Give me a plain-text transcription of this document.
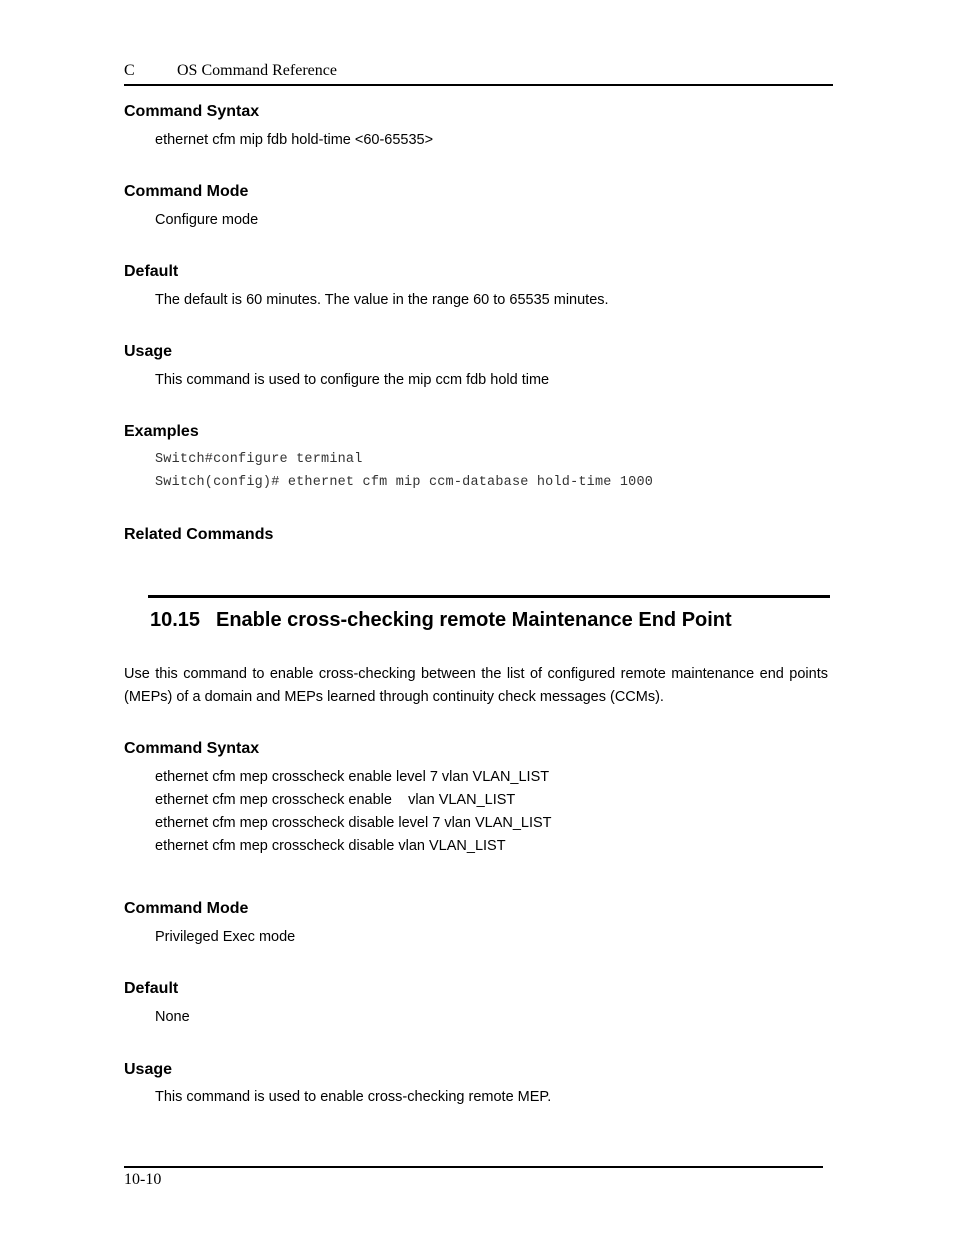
C	OS Command Reference
Command Syntax
ethernet cfm mip fdb hold-time <60-65535>
Command Mode
Configure mode
Default
The default is 60 minutes. The value in the range 60 to 65535 minutes.
Usage
This command is used to configure the mip ccm fdb hold time
Examples
Switch#configure terminal
Switch(config)# ethernet cfm mip ccm-database hold-time 1000
Related Commands
10.15 Enable cross-checking remote Maintenance End Point
Use this command to enable cross-checking between the list of configured remote maintenance end points (MEPs) of a domain and MEPs learned through continuity check messages (CCMs).
Command Syntax
ethernet cfm mep crosscheck enable level 7 vlan VLAN_LIST
ethernet cfm mep crosscheck enable    vlan VLAN_LIST
ethernet cfm mep crosscheck disable level 7 vlan VLAN_LIST
ethernet cfm mep crosscheck disable vlan VLAN_LIST
Command Mode
Privileged Exec mode
Default
None
Usage
This command is used to enable cross-checking remote MEP.
10-10
